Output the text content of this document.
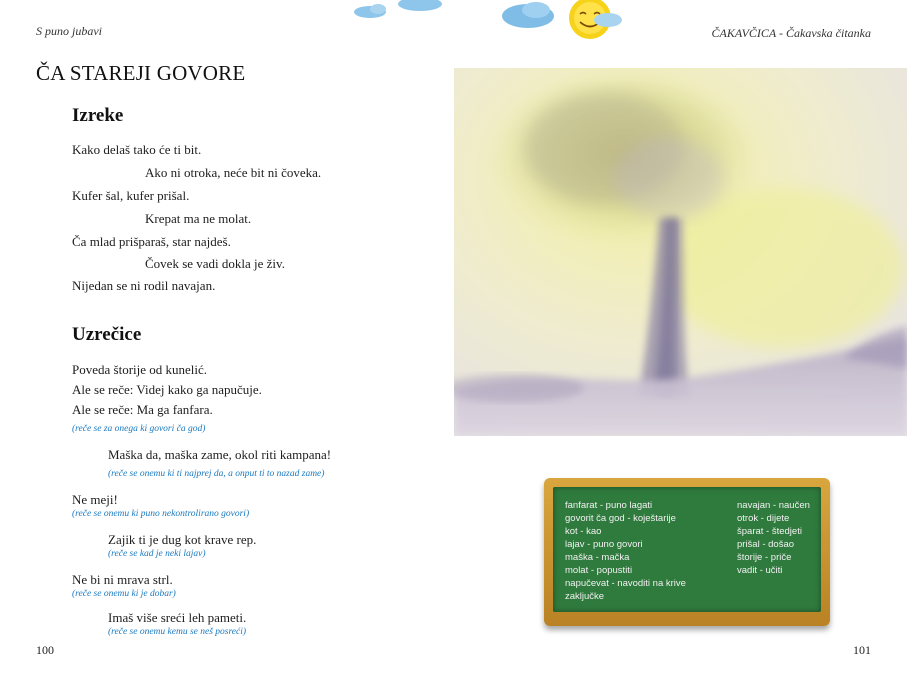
S puno jubavi	ČAKAVČICA - Čakavska čitanka
ČA STAREJI GOVORE
Izreke
Kako delaš tako će ti bit.
Ako ni otroka, neće bit ni čoveka.
Kufer šal, kufer prišal.
Krepat ma ne molat.
Ča mlad prišparaš, star najdeš.
Čovek se vadi dokla je živ.
Nijedan se ni rodil navajan.
Uzrečice
Poveda štorije od kunelić.
Ale se reče: Videj kako ga napučuje.
Ale se reče: Ma ga fanfara.
(reče se za onega ki govori ča god)
Maška da, maška zame, okol riti kampana!
(reče se onemu ki ti najprej da, a onput ti to nazad zame)
Ne meji!
(reče se onemu ki puno nekontrolirano govori)
Zajik ti je dug kot krave rep.
(reče se kad je neki lajav)
Ne bi ni mrava strl.
(reče se onemu ki je dobar)
Imaš više sreći leh pameti.
(reče se onemu kemu se neš posreći)
fanfarat - puno lagati
govorit ča god - koještarije
kot - kao
lajav - puno govori
maška - mačka
molat - popustiti
napučevat - navoditi na krive
zaključke
navajan - naučen
otrok - dijete
šparat - štedjeti
prišal - došao
štorije - priče
vadit - učiti
100	101
